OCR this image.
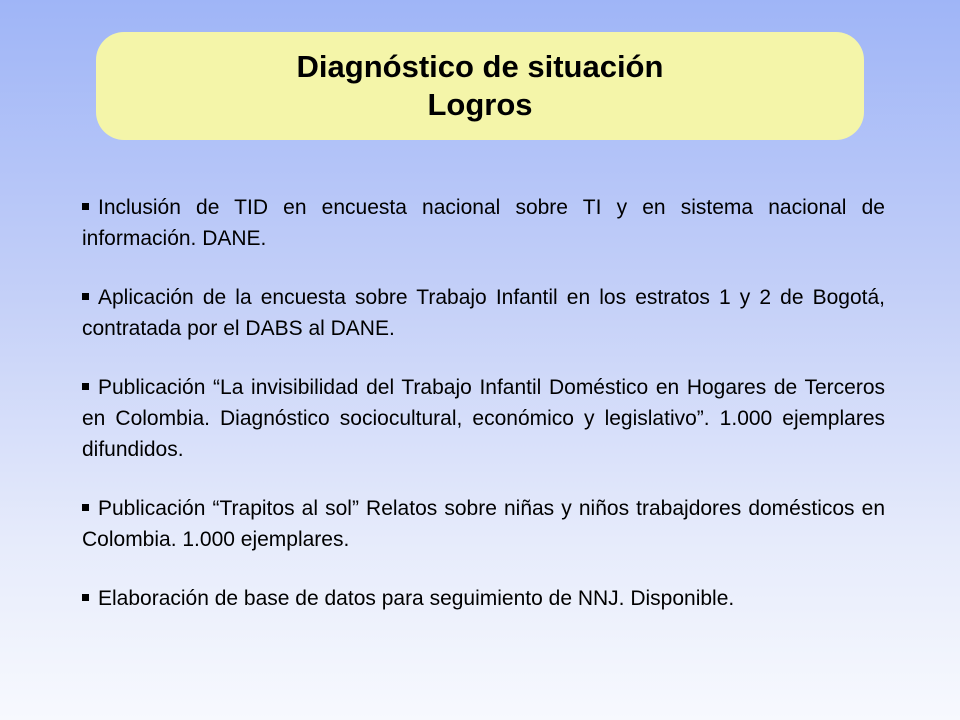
Diagnóstico de situación
Logros
Inclusión de TID en encuesta nacional sobre TI y en sistema nacional de información. DANE.
Aplicación de la encuesta sobre Trabajo Infantil en los estratos 1 y 2 de Bogotá, contratada por el DABS al DANE.
Publicación “La invisibilidad del Trabajo Infantil Doméstico en Hogares de Terceros en Colombia. Diagnóstico sociocultural, económico y legislativo”. 1.000 ejemplares difundidos.
Publicación “Trapitos al sol” Relatos sobre niñas y niños trabajdores domésticos en Colombia. 1.000 ejemplares.
Elaboración de base de datos para seguimiento de NNJ. Disponible.
